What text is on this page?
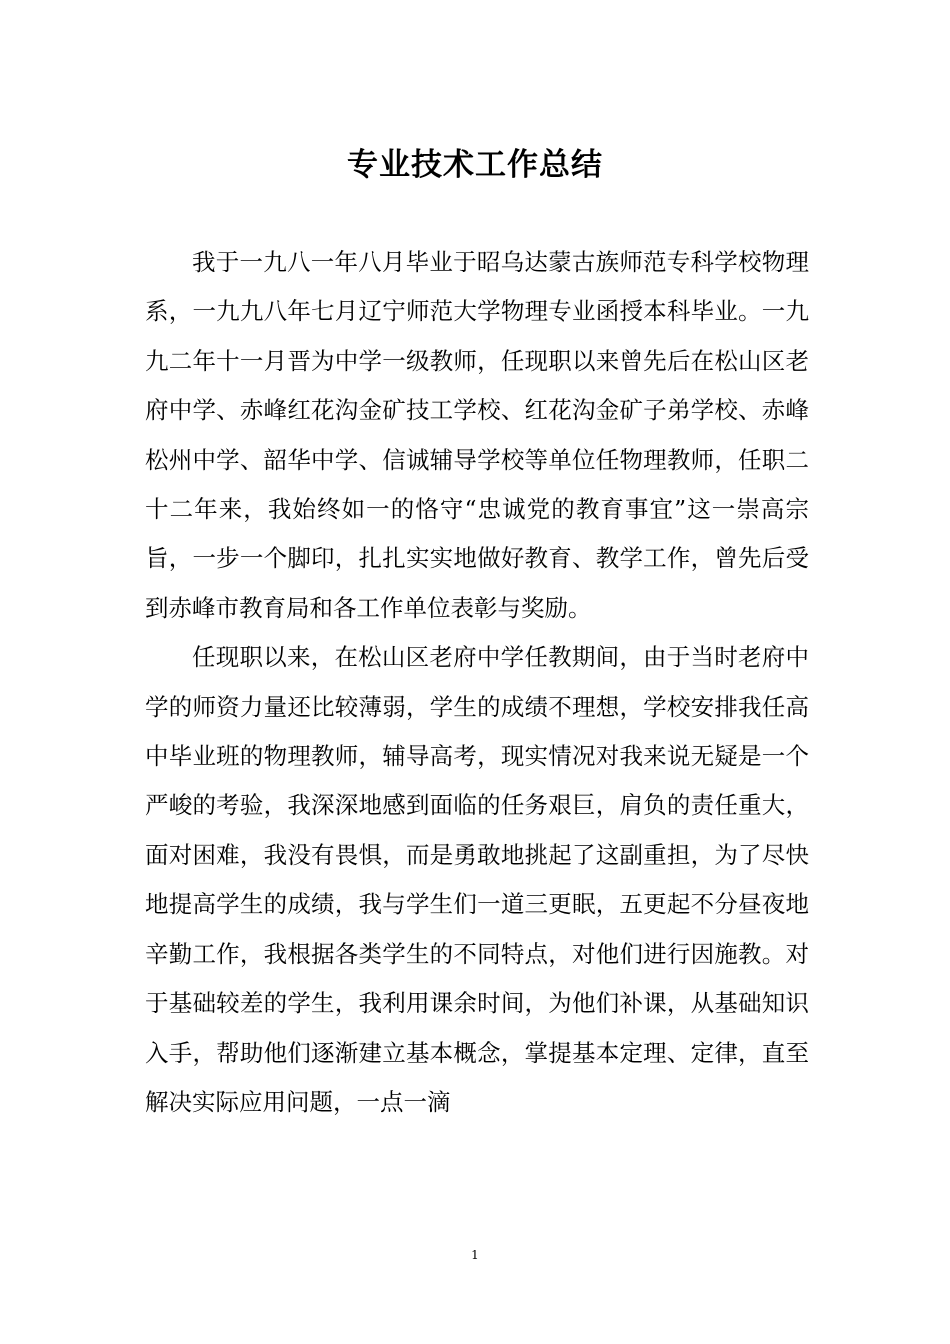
专业技术工作总结

我于一九八一年八月毕业于昭乌达蒙古族师范专科学校物理系，一九九八年七月辽宁师范大学物理专业函授本科毕业。一九九二年十一月晋为中学一级教师，任现职以来曾先后在松山区老府中学、赤峰红花沟金矿技工学校、红花沟金矿子弟学校、赤峰松州中学、韶华中学、信诚辅导学校等单位任物理教师，任职二十二年来，我始终如一的恪守“忠诚党的教育事宜”这一崇高宗旨，一步一个脚印，扎扎实实地做好教育、教学工作，曾先后受到赤峰市教育局和各工作单位表彰与奖励。

任现职以来，在松山区老府中学任教期间，由于当时老府中学的师资力量还比较薄弱，学生的成绩不理想，学校安排我任高中毕业班的物理教师，辅导高考，现实情况对我来说无疑是一个严峻的考验，我深深地感到面临的任务艰巨，肩负的责任重大，面对困难，我没有畏惧，而是勇敢地挑起了这副重担，为了尽快地提高学生的成绩，我与学生们一道三更眠，五更起不分昼夜地辛勤工作，我根据各类学生的不同特点，对他们进行因施教。对于基础较差的学生，我利用课余时间，为他们补课，从基础知识入手，帮助他们逐渐建立基本概念，掌提基本定理、定律，直至解决实际应用问题，一点一滴

1
